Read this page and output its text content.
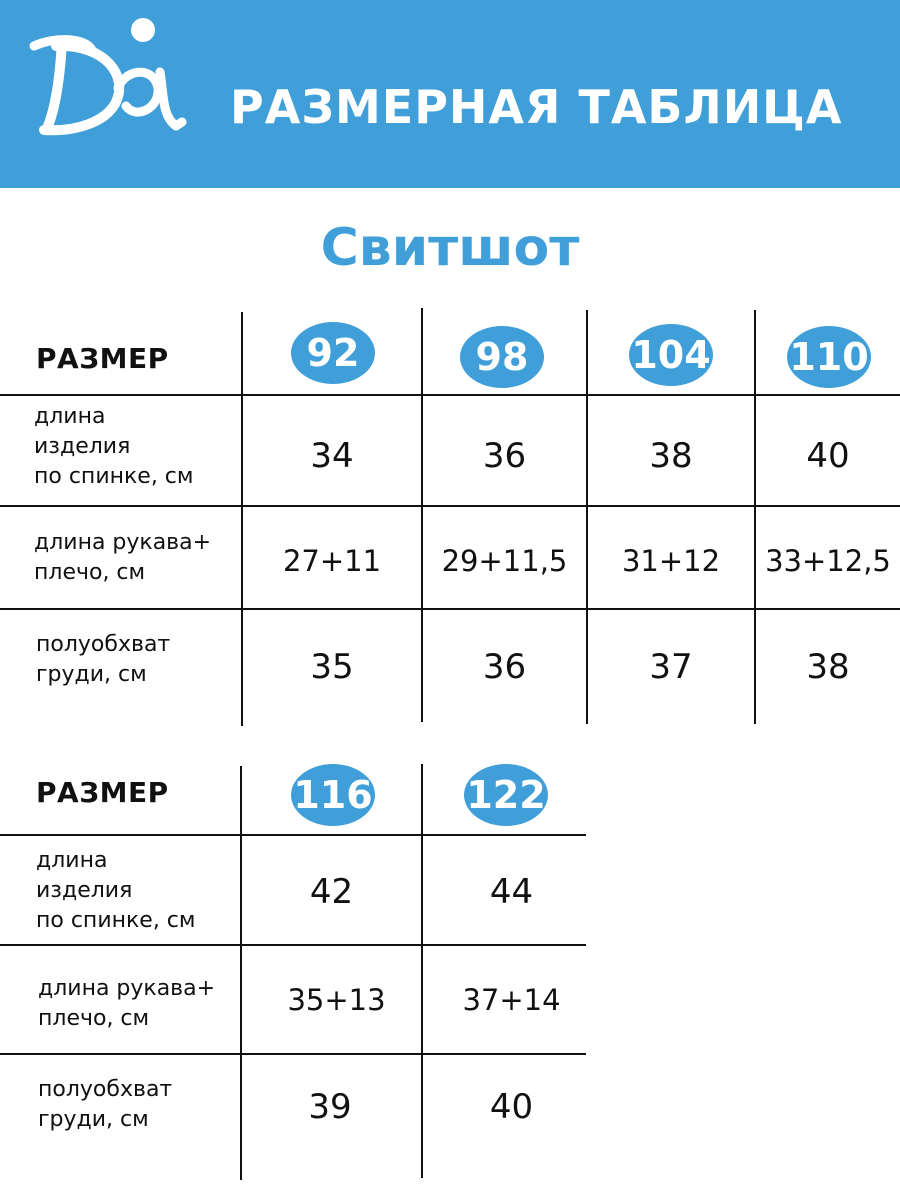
РАЗМЕРНАЯ ТАБЛИЦА
Свитшот
РАЗМЕР	92	98	104 110
длина
изделия
по спинке, см
34	36	38	40
длина рукава+
плечо, см	27+11	29+11,5	31+12	33+12,5
полуобхват
груди, см	35	36	37	38
РАЗМЕР	116 122
длина
изделия
по спинке, см
42	44
длина рукава+
плечо, см
35+13	37+14
полуобхват
груди, см	39	40
